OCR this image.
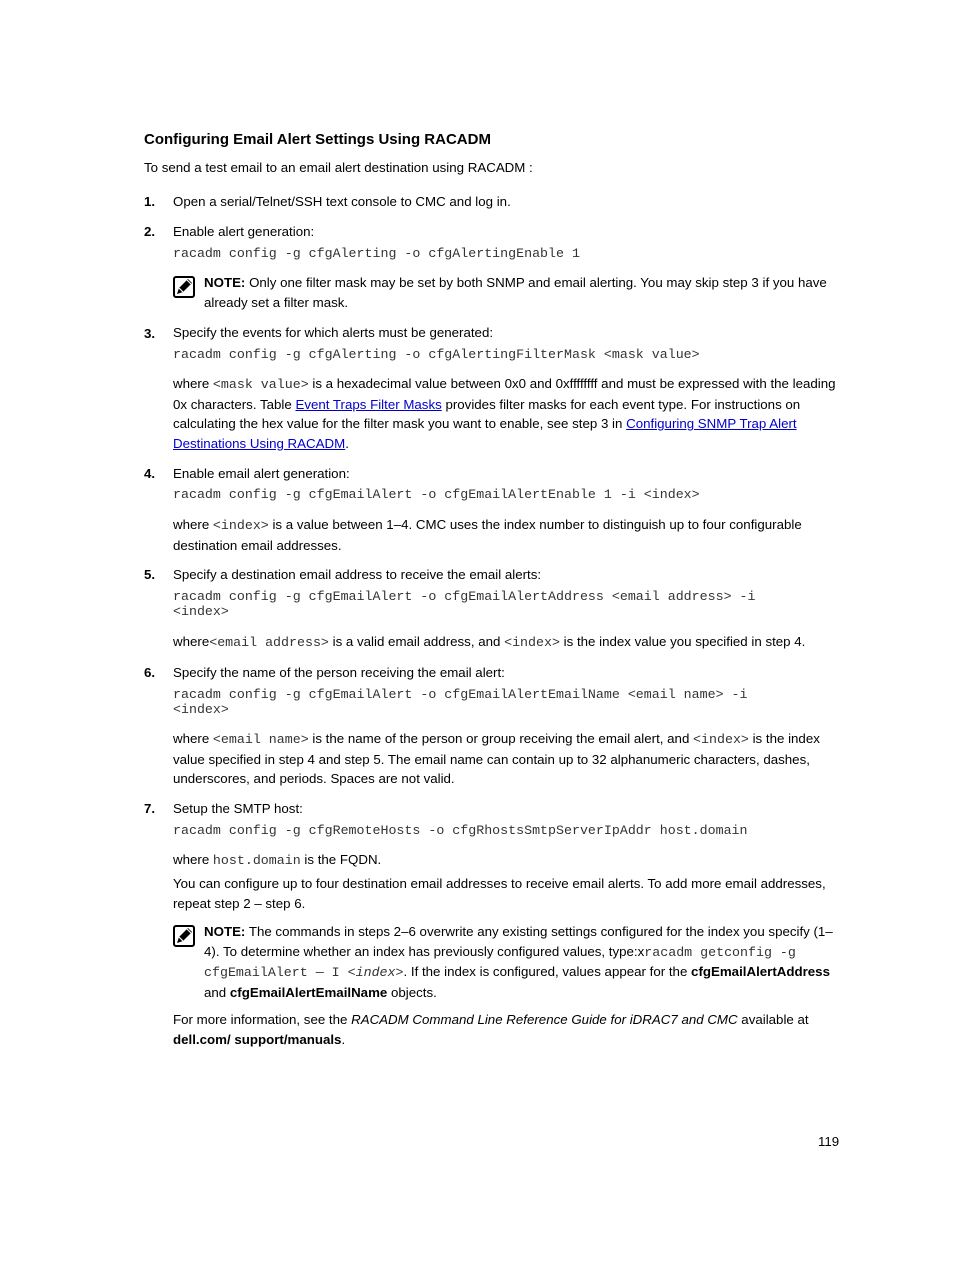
Configuring Email Alert Settings Using RACADM
To send a test email to an email alert destination using RACADM :
1. Open a serial/Telnet/SSH text console to CMC and log in.
2. Enable alert generation:
racadm config -g cfgAlerting -o cfgAlertingEnable 1
NOTE: Only one filter mask may be set by both SNMP and email alerting. You may skip step 3 if you have already set a filter mask.
3. Specify the events for which alerts must be generated:
racadm config -g cfgAlerting -o cfgAlertingFilterMask <mask value>
where <mask value> is a hexadecimal value between 0x0 and 0xffffffff and must be expressed with the leading 0x characters. Table Event Traps Filter Masks provides filter masks for each event type. For instructions on calculating the hex value for the filter mask you want to enable, see step 3 in Configuring SNMP Trap Alert Destinations Using RACADM.
4. Enable email alert generation:
racadm config -g cfgEmailAlert -o cfgEmailAlertEnable 1 -i <index>
where <index> is a value between 1–4. CMC uses the index number to distinguish up to four configurable destination email addresses.
5. Specify a destination email address to receive the email alerts:
racadm config -g cfgEmailAlert -o cfgEmailAlertAddress <email address> -i
<index>
where<email address> is a valid email address, and <index> is the index value you specified in step 4.
6. Specify the name of the person receiving the email alert:
racadm config -g cfgEmailAlert -o cfgEmailAlertEmailName <email name> -i
<index>
where <email name> is the name of the person or group receiving the email alert, and <index> is the index value specified in step 4 and step 5. The email name can contain up to 32 alphanumeric characters, dashes, underscores, and periods. Spaces are not valid.
7. Setup the SMTP host:
racadm config -g cfgRemoteHosts -o cfgRhostsSmtpServerIpAddr host.domain
where host.domain is the FQDN.
You can configure up to four destination email addresses to receive email alerts. To add more email addresses, repeat step 2 – step 6.
NOTE: The commands in steps 2–6 overwrite any existing settings configured for the index you specify (1–4). To determine whether an index has previously configured values, type:xracadm getconfig -g cfgEmailAlert — I <index>. If the index is configured, values appear for the cfgEmailAlertAddress and cfgEmailAlertEmailName objects.
For more information, see the RACADM Command Line Reference Guide for iDRAC7 and CMC available at dell.com/ support/manuals.
119
